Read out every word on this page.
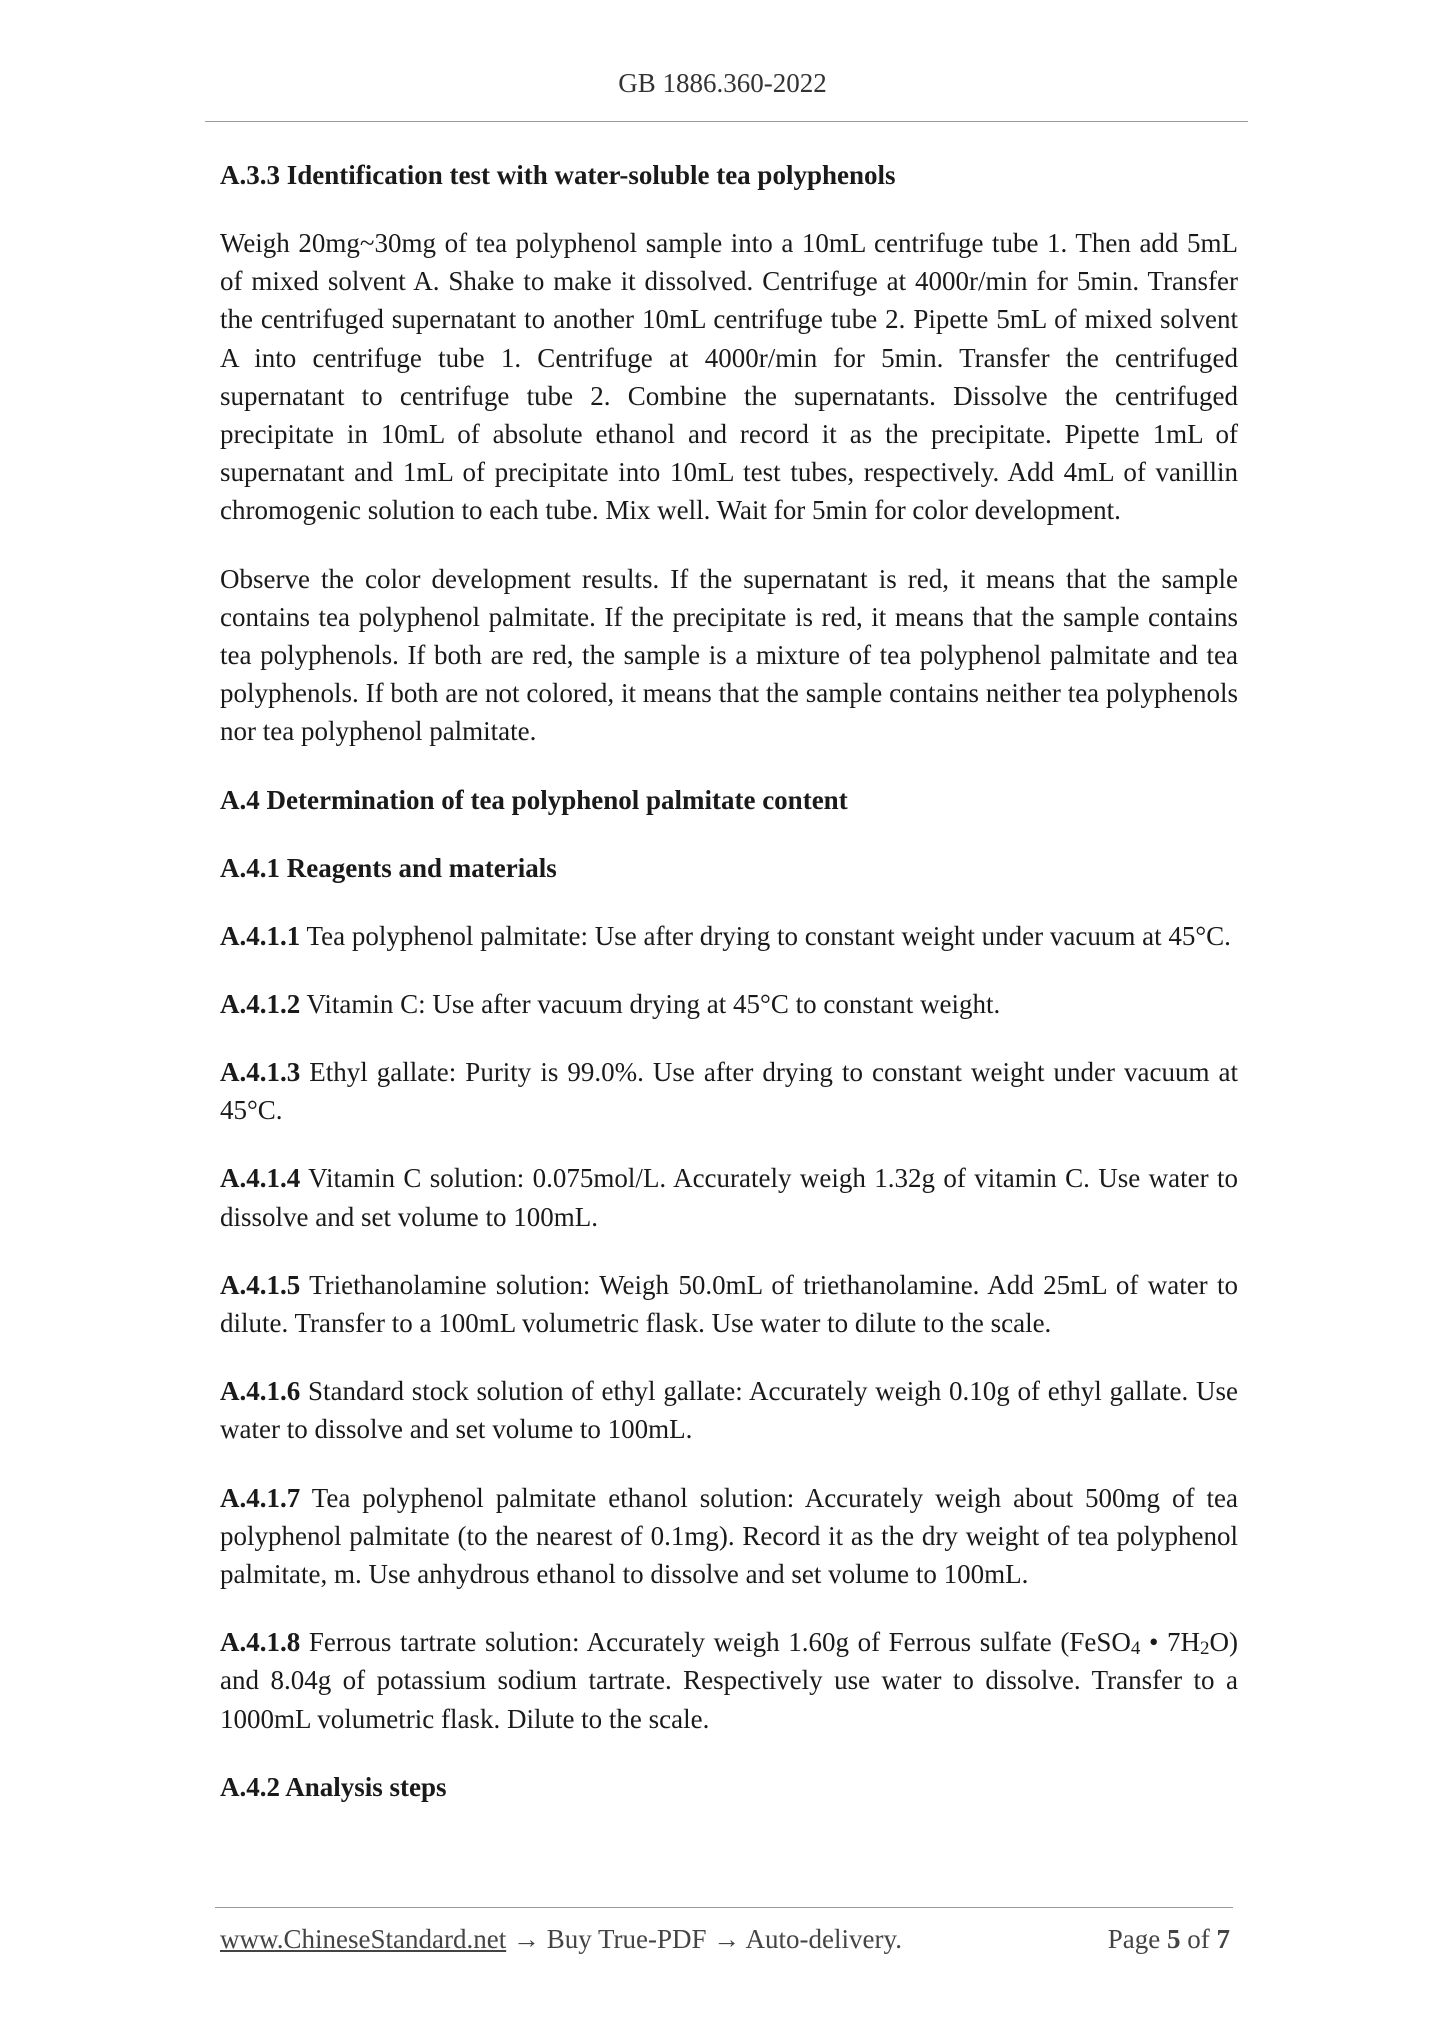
GB 1886.360-2022
A.3.3 Identification test with water-soluble tea polyphenols
Weigh 20mg~30mg of tea polyphenol sample into a 10mL centrifuge tube 1. Then add 5mL of mixed solvent A. Shake to make it dissolved. Centrifuge at 4000r/min for 5min. Transfer the centrifuged supernatant to another 10mL centrifuge tube 2. Pipette 5mL of mixed solvent A into centrifuge tube 1. Centrifuge at 4000r/min for 5min. Transfer the centrifuged supernatant to centrifuge tube 2. Combine the supernatants. Dissolve the centrifuged precipitate in 10mL of absolute ethanol and record it as the precipitate. Pipette 1mL of supernatant and 1mL of precipitate into 10mL test tubes, respectively. Add 4mL of vanillin chromogenic solution to each tube. Mix well. Wait for 5min for color development.
Observe the color development results. If the supernatant is red, it means that the sample contains tea polyphenol palmitate. If the precipitate is red, it means that the sample contains tea polyphenols. If both are red, the sample is a mixture of tea polyphenol palmitate and tea polyphenols. If both are not colored, it means that the sample contains neither tea polyphenols nor tea polyphenol palmitate.
A.4 Determination of tea polyphenol palmitate content
A.4.1 Reagents and materials
A.4.1.1 Tea polyphenol palmitate: Use after drying to constant weight under vacuum at 45°C.
A.4.1.2 Vitamin C: Use after vacuum drying at 45°C to constant weight.
A.4.1.3 Ethyl gallate: Purity is 99.0%. Use after drying to constant weight under vacuum at 45°C.
A.4.1.4 Vitamin C solution: 0.075mol/L. Accurately weigh 1.32g of vitamin C. Use water to dissolve and set volume to 100mL.
A.4.1.5 Triethanolamine solution: Weigh 50.0mL of triethanolamine. Add 25mL of water to dilute. Transfer to a 100mL volumetric flask. Use water to dilute to the scale.
A.4.1.6 Standard stock solution of ethyl gallate: Accurately weigh 0.10g of ethyl gallate. Use water to dissolve and set volume to 100mL.
A.4.1.7 Tea polyphenol palmitate ethanol solution: Accurately weigh about 500mg of tea polyphenol palmitate (to the nearest of 0.1mg). Record it as the dry weight of tea polyphenol palmitate, m. Use anhydrous ethanol to dissolve and set volume to 100mL.
A.4.1.8 Ferrous tartrate solution: Accurately weigh 1.60g of Ferrous sulfate (FeSO4 • 7H2O) and 8.04g of potassium sodium tartrate. Respectively use water to dissolve. Transfer to a 1000mL volumetric flask. Dilute to the scale.
A.4.2 Analysis steps
www.ChineseStandard.net → Buy True-PDF → Auto-delivery.	Page 5 of 7
